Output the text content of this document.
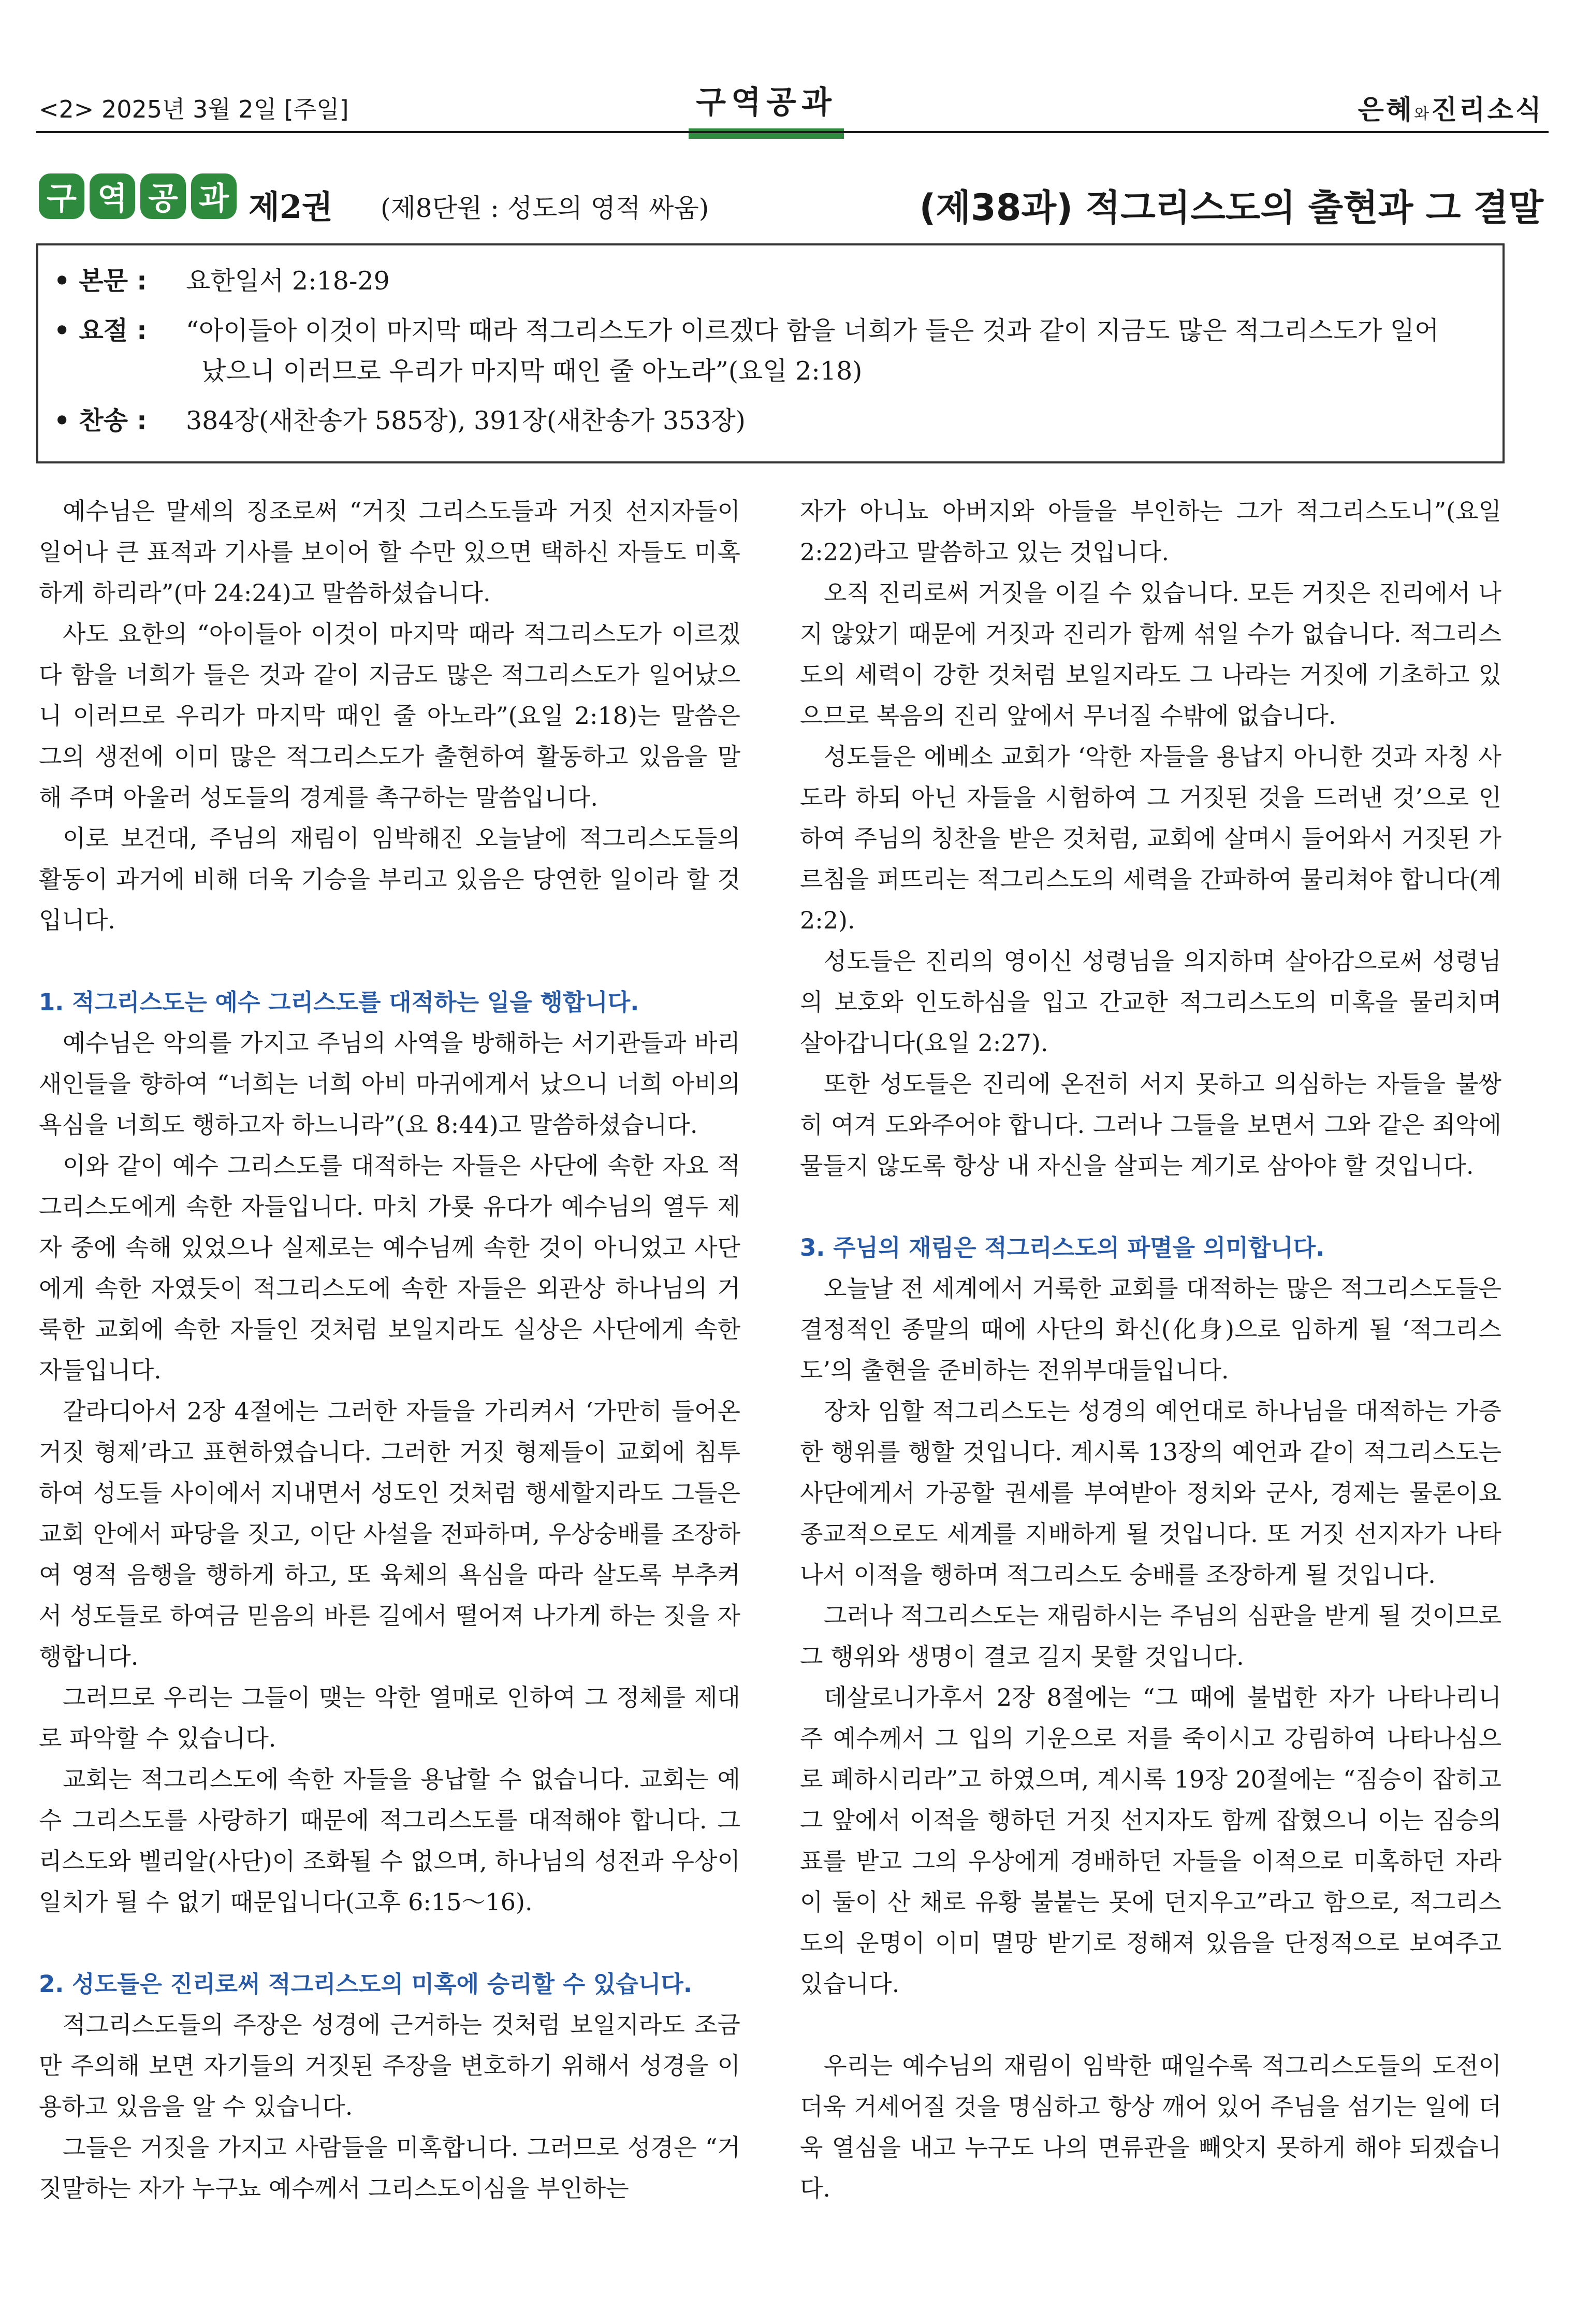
<2> 2025년 3월 2일 [주일]	구역공과	은혜와진리소식
구 역 공 과 제2권 (제8단원 : 성도의 영적 싸움)	(제38과) 적그리스도의 출현과 그 결말
• 본문 : 요한일서 2:18-29
• 요절 : “아이들아 이것이 마지막 때라 적그리스도가 이르겠다 함을 너희가 들은 것과 같이 지금도 많은 적그리스도가 일어
났으니 이러므로 우리가 마지막 때인 줄 아노라”(요일 2:18)
• 찬송 : 384장(새찬송가 585장), 391장(새찬송가 353장)

예수님은 말세의 징조로써 “거짓 그리스도들과 거짓 선지자들이 일어나 큰 표적과 기사를 보이어 할 수만 있으면 택하신 자들도 미혹하게 하리라”(마 24:24)고 말씀하셨습니다.

사도 요한의 “아이들아 이것이 마지막 때라 적그리스도가 이르겠다 함을 너희가 들은 것과 같이 지금도 많은 적그리스도가 일어났으니 이러므로 우리가 마지막 때인 줄 아노라”(요일 2:18)는 말씀은 그의 생전에 이미 많은 적그리스도가 출현하여 활동하고 있음을 말해 주며 아울러 성도들의 경계를 촉구하는 말씀입니다.

이로 보건대, 주님의 재림이 임박해진 오늘날에 적그리스도들의 활동이 과거에 비해 더욱 기승을 부리고 있음은 당연한 일이라 할 것입니다.

1. 적그리스도는 예수 그리스도를 대적하는 일을 행합니다.

예수님은 악의를 가지고 주님의 사역을 방해하는 서기관들과 바리새인들을 향하여 “너희는 너희 아비 마귀에게서 났으니 너희 아비의 욕심을 너희도 행하고자 하느니라”(요 8:44)고 말씀하셨습니다.

이와 같이 예수 그리스도를 대적하는 자들은 사단에 속한 자요 적그리스도에게 속한 자들입니다. 마치 가룟 유다가 예수님의 열두 제자 중에 속해 있었으나 실제로는 예수님께 속한 것이 아니었고 사단에게 속한 자였듯이 적그리스도에 속한 자들은 외관상 하나님의 거룩한 교회에 속한 자들인 것처럼 보일지라도 실상은 사단에게 속한 자들입니다.

갈라디아서 2장 4절에는 그러한 자들을 가리켜서 ‘가만히 들어온 거짓 형제’라고 표현하였습니다. 그러한 거짓 형제들이 교회에 침투하여 성도들 사이에서 지내면서 성도인 것처럼 행세할지라도 그들은 교회 안에서 파당을 짓고, 이단 사설을 전파하며, 우상숭배를 조장하여 영적 음행을 행하게 하고, 또 육체의 욕심을 따라 살도록 부추켜서 성도들로 하여금 믿음의 바른 길에서 떨어져 나가게 하는 짓을 자행합니다.

그러므로 우리는 그들이 맺는 악한 열매로 인하여 그 정체를 제대로 파악할 수 있습니다.

교회는 적그리스도에 속한 자들을 용납할 수 없습니다. 교회는 예수 그리스도를 사랑하기 때문에 적그리스도를 대적해야 합니다. 그리스도와 벨리알(사단)이 조화될 수 없으며, 하나님의 성전과 우상이 일치가 될 수 없기 때문입니다(고후 6:15～16).

2. 성도들은 진리로써 적그리스도의 미혹에 승리할 수 있습니다.

적그리스도들의 주장은 성경에 근거하는 것처럼 보일지라도 조금만 주의해 보면 자기들의 거짓된 주장을 변호하기 위해서 성경을 이용하고 있음을 알 수 있습니다.

그들은 거짓을 가지고 사람들을 미혹합니다. 그러므로 성경은 “거짓말하는 자가 누구뇨 예수께서 그리스도이심을 부인하는

자가 아니뇨 아버지와 아들을 부인하는 그가 적그리스도니”(요일 2:22)라고 말씀하고 있는 것입니다.

오직 진리로써 거짓을 이길 수 있습니다. 모든 거짓은 진리에서 나지 않았기 때문에 거짓과 진리가 함께 섞일 수가 없습니다. 적그리스도의 세력이 강한 것처럼 보일지라도 그 나라는 거짓에 기초하고 있으므로 복음의 진리 앞에서 무너질 수밖에 없습니다.

성도들은 에베소 교회가 ‘악한 자들을 용납지 아니한 것과 자칭 사도라 하되 아닌 자들을 시험하여 그 거짓된 것을 드러낸 것’으로 인하여 주님의 칭찬을 받은 것처럼, 교회에 살며시 들어와서 거짓된 가르침을 퍼뜨리는 적그리스도의 세력을 간파하여 물리쳐야 합니다(계 2:2).

성도들은 진리의 영이신 성령님을 의지하며 살아감으로써 성령님의 보호와 인도하심을 입고 간교한 적그리스도의 미혹을 물리치며 살아갑니다(요일 2:27).

또한 성도들은 진리에 온전히 서지 못하고 의심하는 자들을 불쌍히 여겨 도와주어야 합니다. 그러나 그들을 보면서 그와 같은 죄악에 물들지 않도록 항상 내 자신을 살피는 계기로 삼아야 할 것입니다.

3. 주님의 재림은 적그리스도의 파멸을 의미합니다.

오늘날 전 세계에서 거룩한 교회를 대적하는 많은 적그리스도들은 결정적인 종말의 때에 사단의 화신(化身)으로 임하게 될 ‘적그리스도’의 출현을 준비하는 전위부대들입니다.

장차 임할 적그리스도는 성경의 예언대로 하나님을 대적하는 가증한 행위를 행할 것입니다. 계시록 13장의 예언과 같이 적그리스도는 사단에게서 가공할 권세를 부여받아 정치와 군사, 경제는 물론이요 종교적으로도 세계를 지배하게 될 것입니다. 또 거짓 선지자가 나타나서 이적을 행하며 적그리스도 숭배를 조장하게 될 것입니다.

그러나 적그리스도는 재림하시는 주님의 심판을 받게 될 것이므로 그 행위와 생명이 결코 길지 못할 것입니다.

데살로니가후서 2장 8절에는 “그 때에 불법한 자가 나타나리니 주 예수께서 그 입의 기운으로 저를 죽이시고 강림하여 나타나심으로 폐하시리라”고 하였으며, 계시록 19장 20절에는 “짐승이 잡히고 그 앞에서 이적을 행하던 거짓 선지자도 함께 잡혔으니 이는 짐승의 표를 받고 그의 우상에게 경배하던 자들을 이적으로 미혹하던 자라 이 둘이 산 채로 유황 불붙는 못에 던지우고”라고 함으로, 적그리스도의 운명이 이미 멸망 받기로 정해져 있음을 단정적으로 보여주고 있습니다.

우리는 예수님의 재림이 임박한 때일수록 적그리스도들의 도전이 더욱 거세어질 것을 명심하고 항상 깨어 있어 주님을 섬기는 일에 더욱 열심을 내고 누구도 나의 면류관을 빼앗지 못하게 해야 되겠습니다.
